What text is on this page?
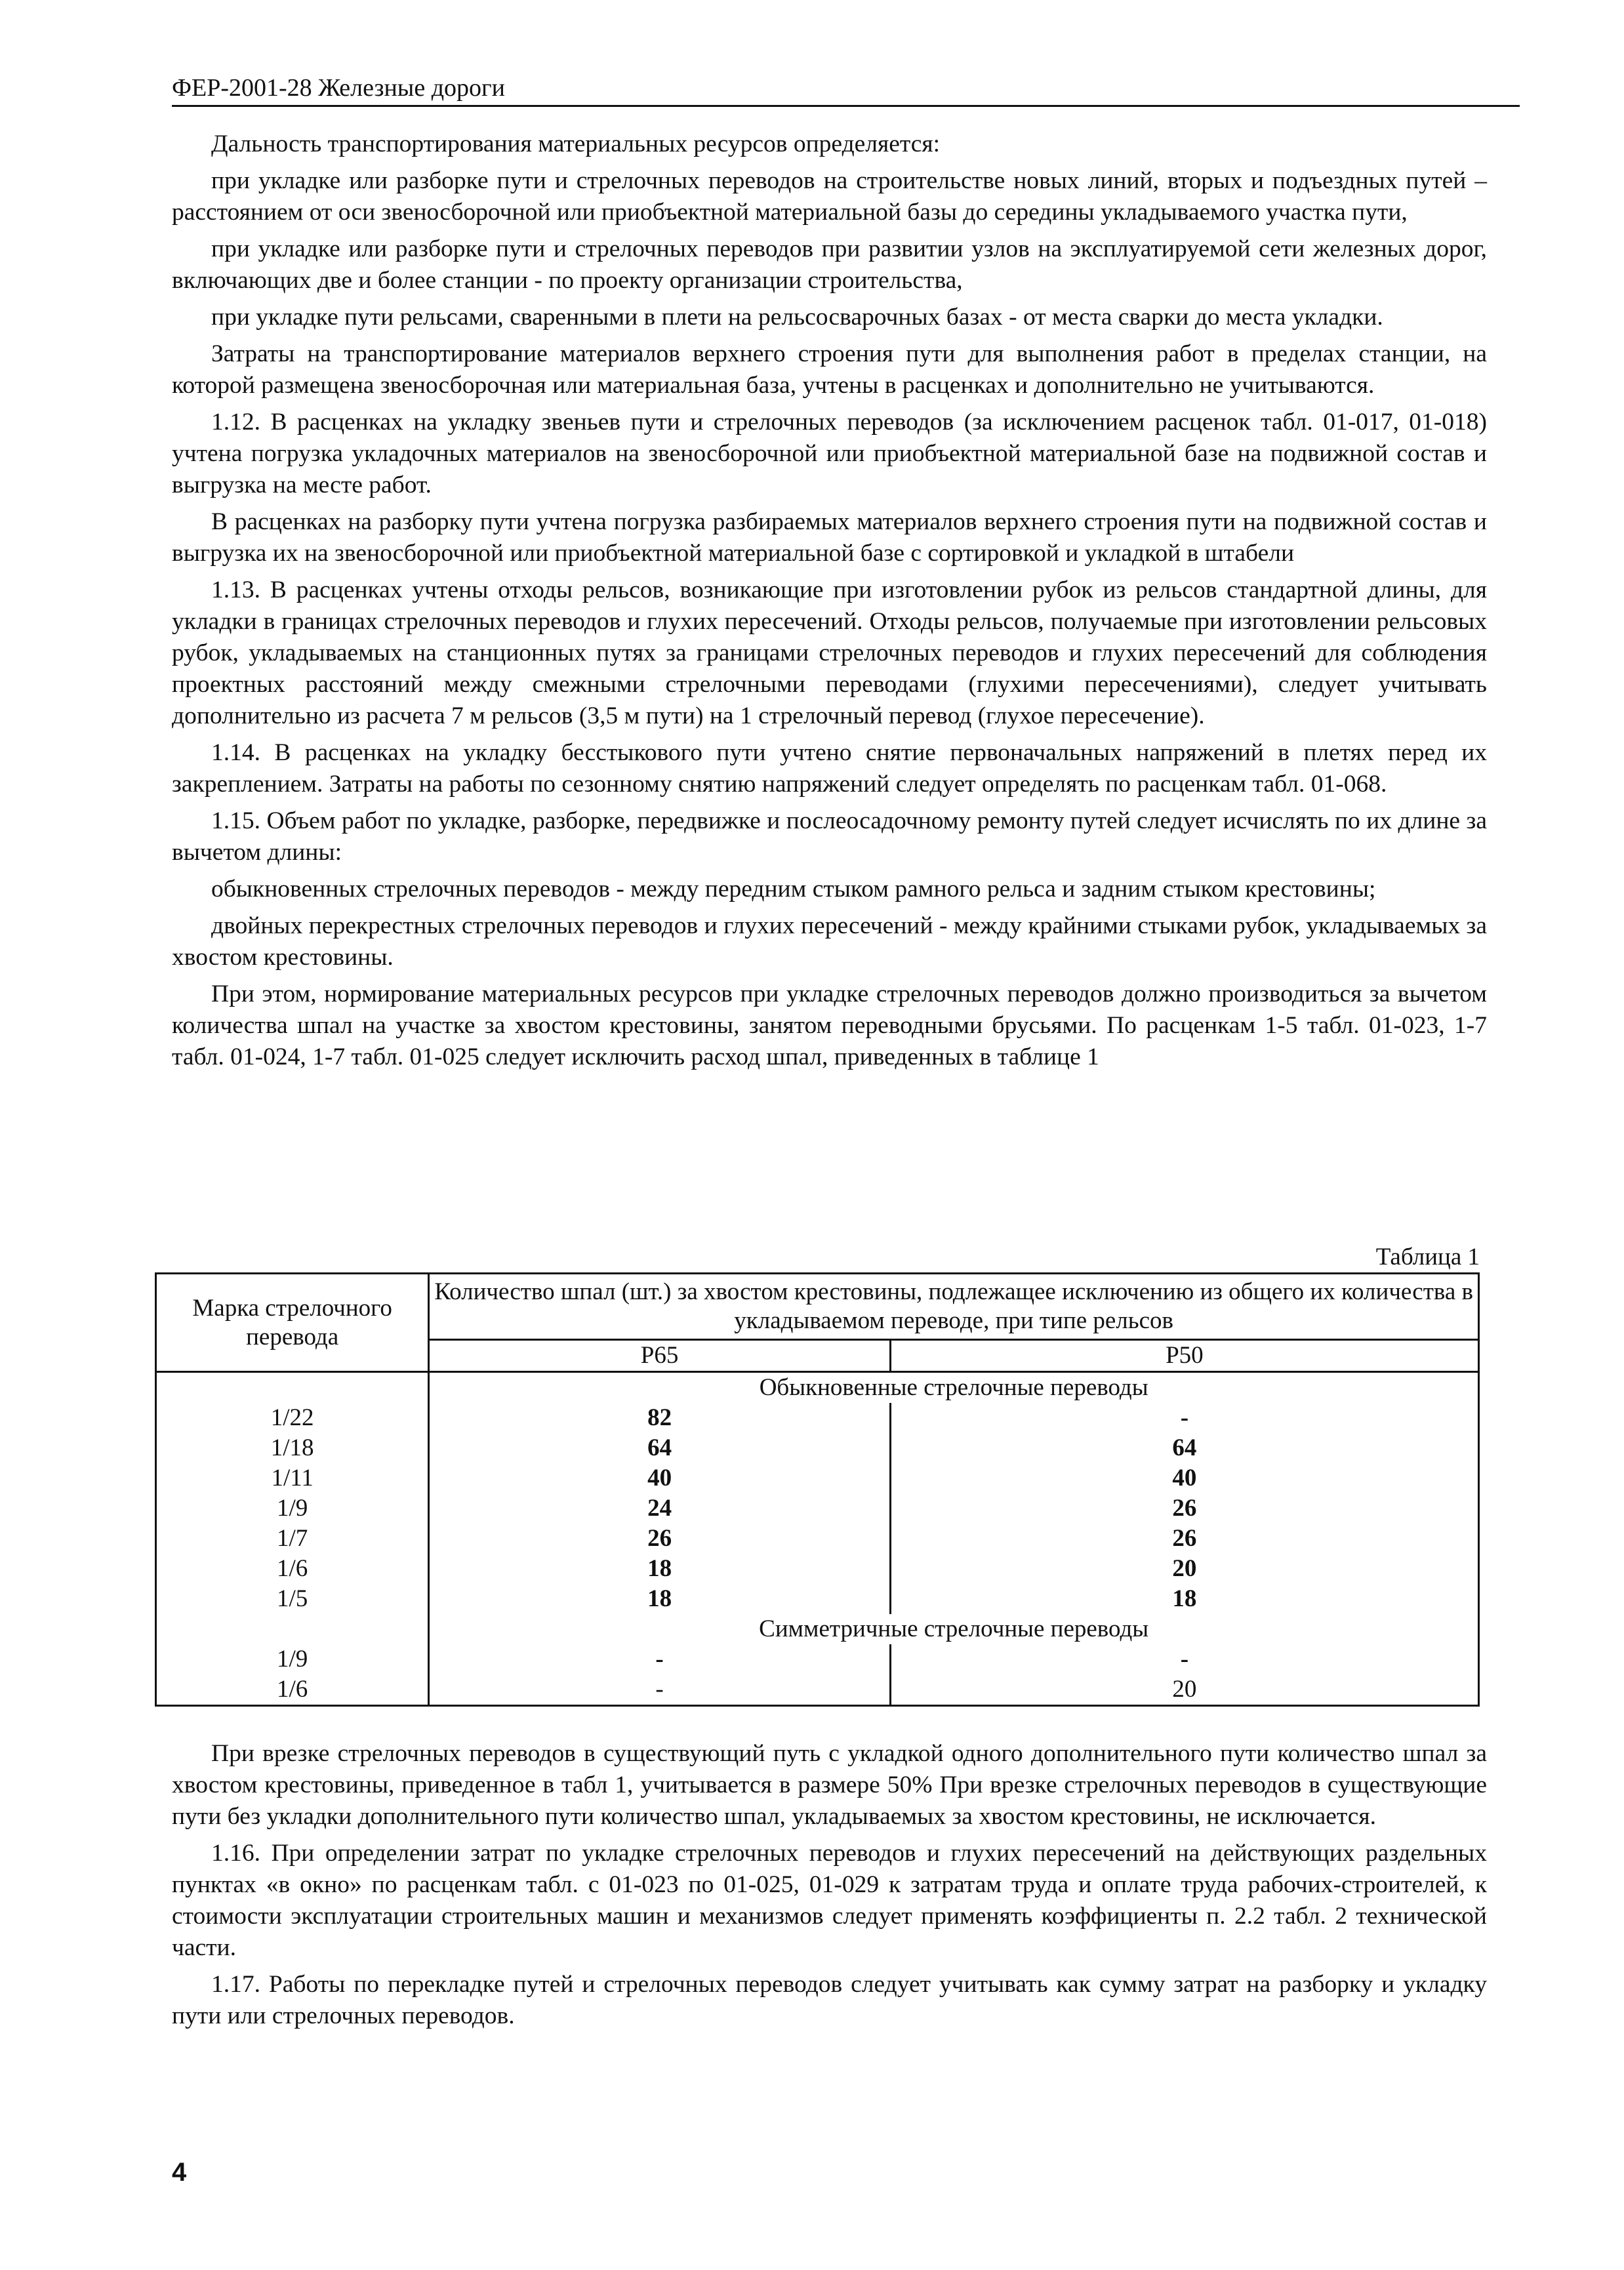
ФЕР-2001-28 Железные дороги

Дальность транспортирования материальных ресурсов определяется:

при укладке или разборке пути и стрелочных переводов на строительстве новых линий, вторых и подъездных путей – расстоянием от оси звеносборочной или приобъектной материальной базы до середины укладываемого участка пути,

при укладке или разборке пути и стрелочных переводов при развитии узлов на эксплуатируемой сети железных дорог, включающих две и более станции - по проекту организации строительства,

при укладке пути рельсами, сваренными в плети на рельсосварочных базах - от места сварки до места укладки.

Затраты на транспортирование материалов верхнего строения пути для выполнения работ в пределах станции, на которой размещена звеносборочная или материальная база, учтены в расценках и дополнительно не учитываются.

1.12. В расценках на укладку звеньев пути и стрелочных переводов (за исключением расценок табл. 01-017, 01-018) учтена погрузка укладочных материалов на звеносборочной или приобъектной материальной базе на подвижной состав и выгрузка на месте работ.

В расценках на разборку пути учтена погрузка разбираемых материалов верхнего строения пути на подвижной состав и выгрузка их на звеносборочной или приобъектной материальной базе с сортировкой и укладкой в штабели

1.13. В расценках учтены отходы рельсов, возникающие при изготовлении рубок из рельсов стандартной длины, для укладки в границах стрелочных переводов и глухих пересечений. Отходы рельсов, получаемые при изготовлении рельсовых рубок, укладываемых на станционных путях за границами стрелочных переводов и глухих пересечений для соблюдения проектных расстояний между смежными стрелочными переводами (глухими пересечениями), следует учитывать дополнительно из расчета 7 м рельсов (3,5 м пути) на 1 стрелочный перевод (глухое пересечение).

1.14. В расценках на укладку бесстыкового пути учтено снятие первоначальных напряжений в плетях перед их закреплением. Затраты на работы по сезонному снятию напряжений следует определять по расценкам табл. 01-068.

1.15. Объем работ по укладке, разборке, передвижке и послеосадочному ремонту путей следует исчислять по их длине за вычетом длины:

обыкновенных стрелочных переводов - между передним стыком рамного рельса и задним стыком крестовины;

двойных перекрестных стрелочных переводов и глухих пересечений - между крайними стыками рубок, укладываемых за хвостом крестовины.

При этом, нормирование материальных ресурсов при укладке стрелочных переводов должно производиться за вычетом количества шпал на участке за хвостом крестовины, занятом переводными брусьями. По расценкам 1-5 табл. 01-023, 1-7 табл. 01-024, 1-7 табл. 01-025 следует исключить расход шпал, приведенных в таблице 1

Таблица 1
Марка стрелочного перевода	Количество шпал (шт.) за хвостом крестовины, подлежащее исключению из общего их количества в укладываемом переводе, при типе рельсов	
	Р65	Р50
	Обыкновенные стрелочные переводы	
1/22	82	-
1/18	64	64
1/11	40	40
1/9	24	26
1/7	26	26
1/6	18	20
1/5	18	18
	Симметричные стрелочные переводы	
1/9	-	-
1/6	-	20

При врезке стрелочных переводов в существующий путь с укладкой одного дополнительного пути количество шпал за хвостом крестовины, приведенное в табл 1, учитывается в размере 50% При врезке стрелочных переводов в существующие пути без укладки дополнительного пути количество шпал, укладываемых за хвостом крестовины, не исключается.

1.16. При определении затрат по укладке стрелочных переводов и глухих пересечений на действующих раздельных пунктах «в окно» по расценкам табл. с 01-023 по 01-025, 01-029 к затратам труда и оплате труда рабочих-строителей, к стоимости эксплуатации строительных машин и механизмов следует применять коэффициенты п. 2.2 табл. 2 технической части.

1.17. Работы по перекладке путей и стрелочных переводов следует учитывать как сумму затрат на разборку и укладку пути или стрелочных переводов.

4
